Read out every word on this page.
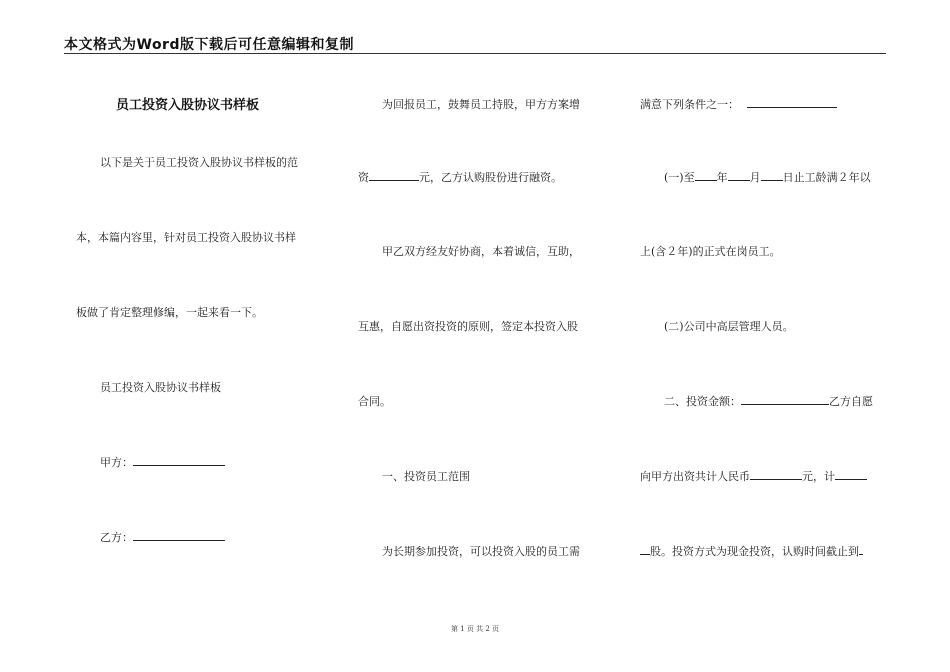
本文格式为Word版下载后可任意编辑和复制
员工投资入股协议书样板
以下是关于员工投资入股协议书样板的范
本，本篇内容里，针对员工投资入股协议书样
板做了肯定整理修编，一起来看一下。
员工投资入股协议书样板
甲方：
乙方：
为回报员工，鼓舞员工持股，甲方方案增
资	元，乙方认购股份进行融资。
甲乙双方经友好协商，本着诚信，互助，
互惠，自愿出资投资的原则，签定本投资入股
合同。
一、投资员工范围
为长期参加投资，可以投资入股的员工需
满意下列条件之一：
(一)至 年 月 日止工龄满２年以
上(含２年)的正式在岗员工。
(二)公司中高层管理人员。
二、投资金额：	乙方自愿
向甲方出资共计人民币	元，计
股。投资方式为现金投资，认购时间截止到
第 1 页 共 2 页
